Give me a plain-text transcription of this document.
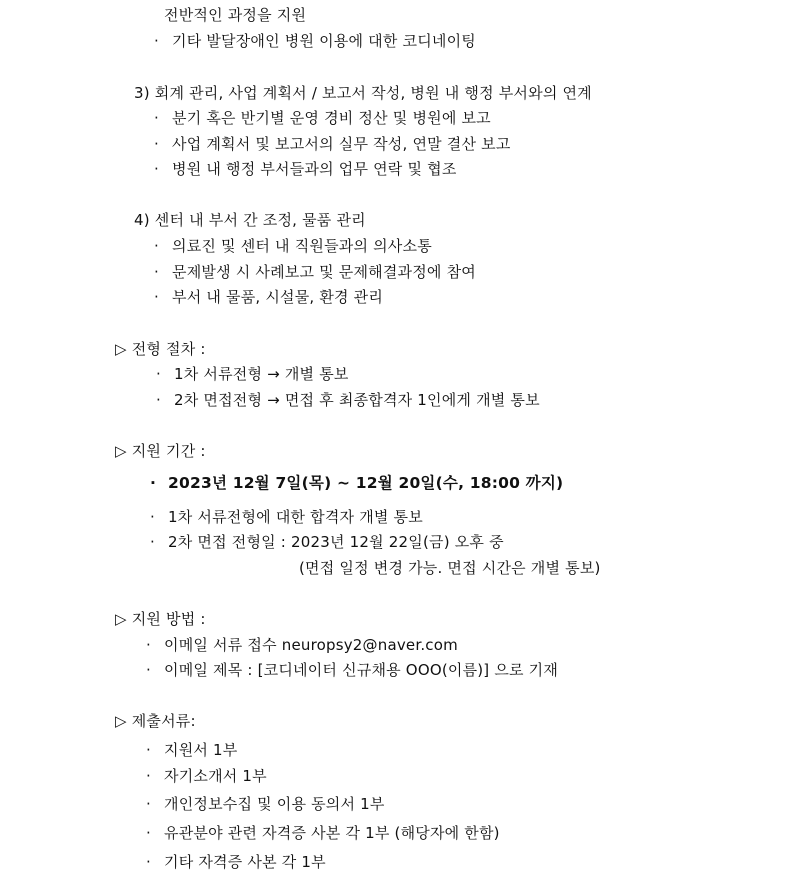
전반적인 과정을 지원
· 기타 발달장애인 병원 이용에 대한 코디네이팅
3) 회계 관리, 사업 계획서 / 보고서 작성, 병원 내 행정 부서와의 연계
· 분기 혹은 반기별 운영 경비 정산 및 병원에 보고
· 사업 계획서 및 보고서의 실무 작성, 연말 결산 보고
· 병원 내 행정 부서들과의 업무 연락 및 협조
4) 센터 내 부서 간 조정, 물품 관리
· 의료진 및 센터 내 직원들과의 의사소통
· 문제발생 시 사례보고 및 문제해결과정에 참여
· 부서 내 물품, 시설물, 환경 관리
▷ 전형 절차 :
· 1차 서류전형 → 개별 통보
· 2차 면접전형 → 면접 후 최종합격자 1인에게 개별 통보
▷ 지원 기간 :
· 2023년 12월 7일(목) ~ 12월 20일(수, 18:00 까지)
· 1차 서류전형에 대한 합격자 개별 통보
· 2차 면접 전형일 : 2023년 12월 22일(금) 오후 중
(면접 일정 변경 가능. 면접 시간은 개별 통보)
▷ 지원 방법 :
· 이메일 서류 접수 neuropsy2@naver.com
· 이메일 제목 : [코디네이터 신규채용 OOO(이름)] 으로 기재
▷ 제출서류:
· 지원서 1부
· 자기소개서 1부
· 개인정보수집 및 이용 동의서 1부
· 유관분야 관련 자격증 사본 각 1부 (해당자에 한함)
· 기타 자격증 사본 각 1부
